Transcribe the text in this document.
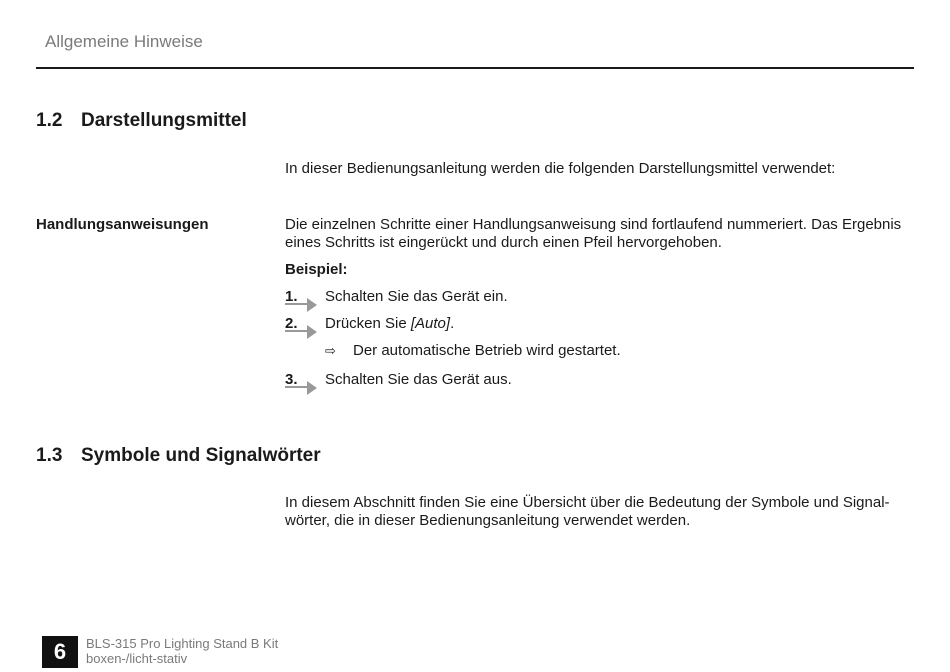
Allgemeine Hinweise
1.2 Darstellungsmittel
In dieser Bedienungsanleitung werden die folgenden Darstellungsmittel verwendet:
Handlungsanweisungen	Die einzelnen Schritte einer Handlungsanweisung sind fortlaufend nummeriert. Das Ergebnis eines Schritts ist eingerückt und durch einen Pfeil hervorgehoben.
Beispiel:
1.	Schalten Sie das Gerät ein.
2.	Drücken Sie [Auto].
⇨ Der automatische Betrieb wird gestartet.
3.	Schalten Sie das Gerät aus.
1.3 Symbole und Signalwörter
In diesem Abschnitt finden Sie eine Übersicht über die Bedeutung der Symbole und Signalwörter, die in dieser Bedienungsanleitung verwendet werden.
6	BLS-315 Pro Lighting Stand B Kit
boxen-/licht-stativ
